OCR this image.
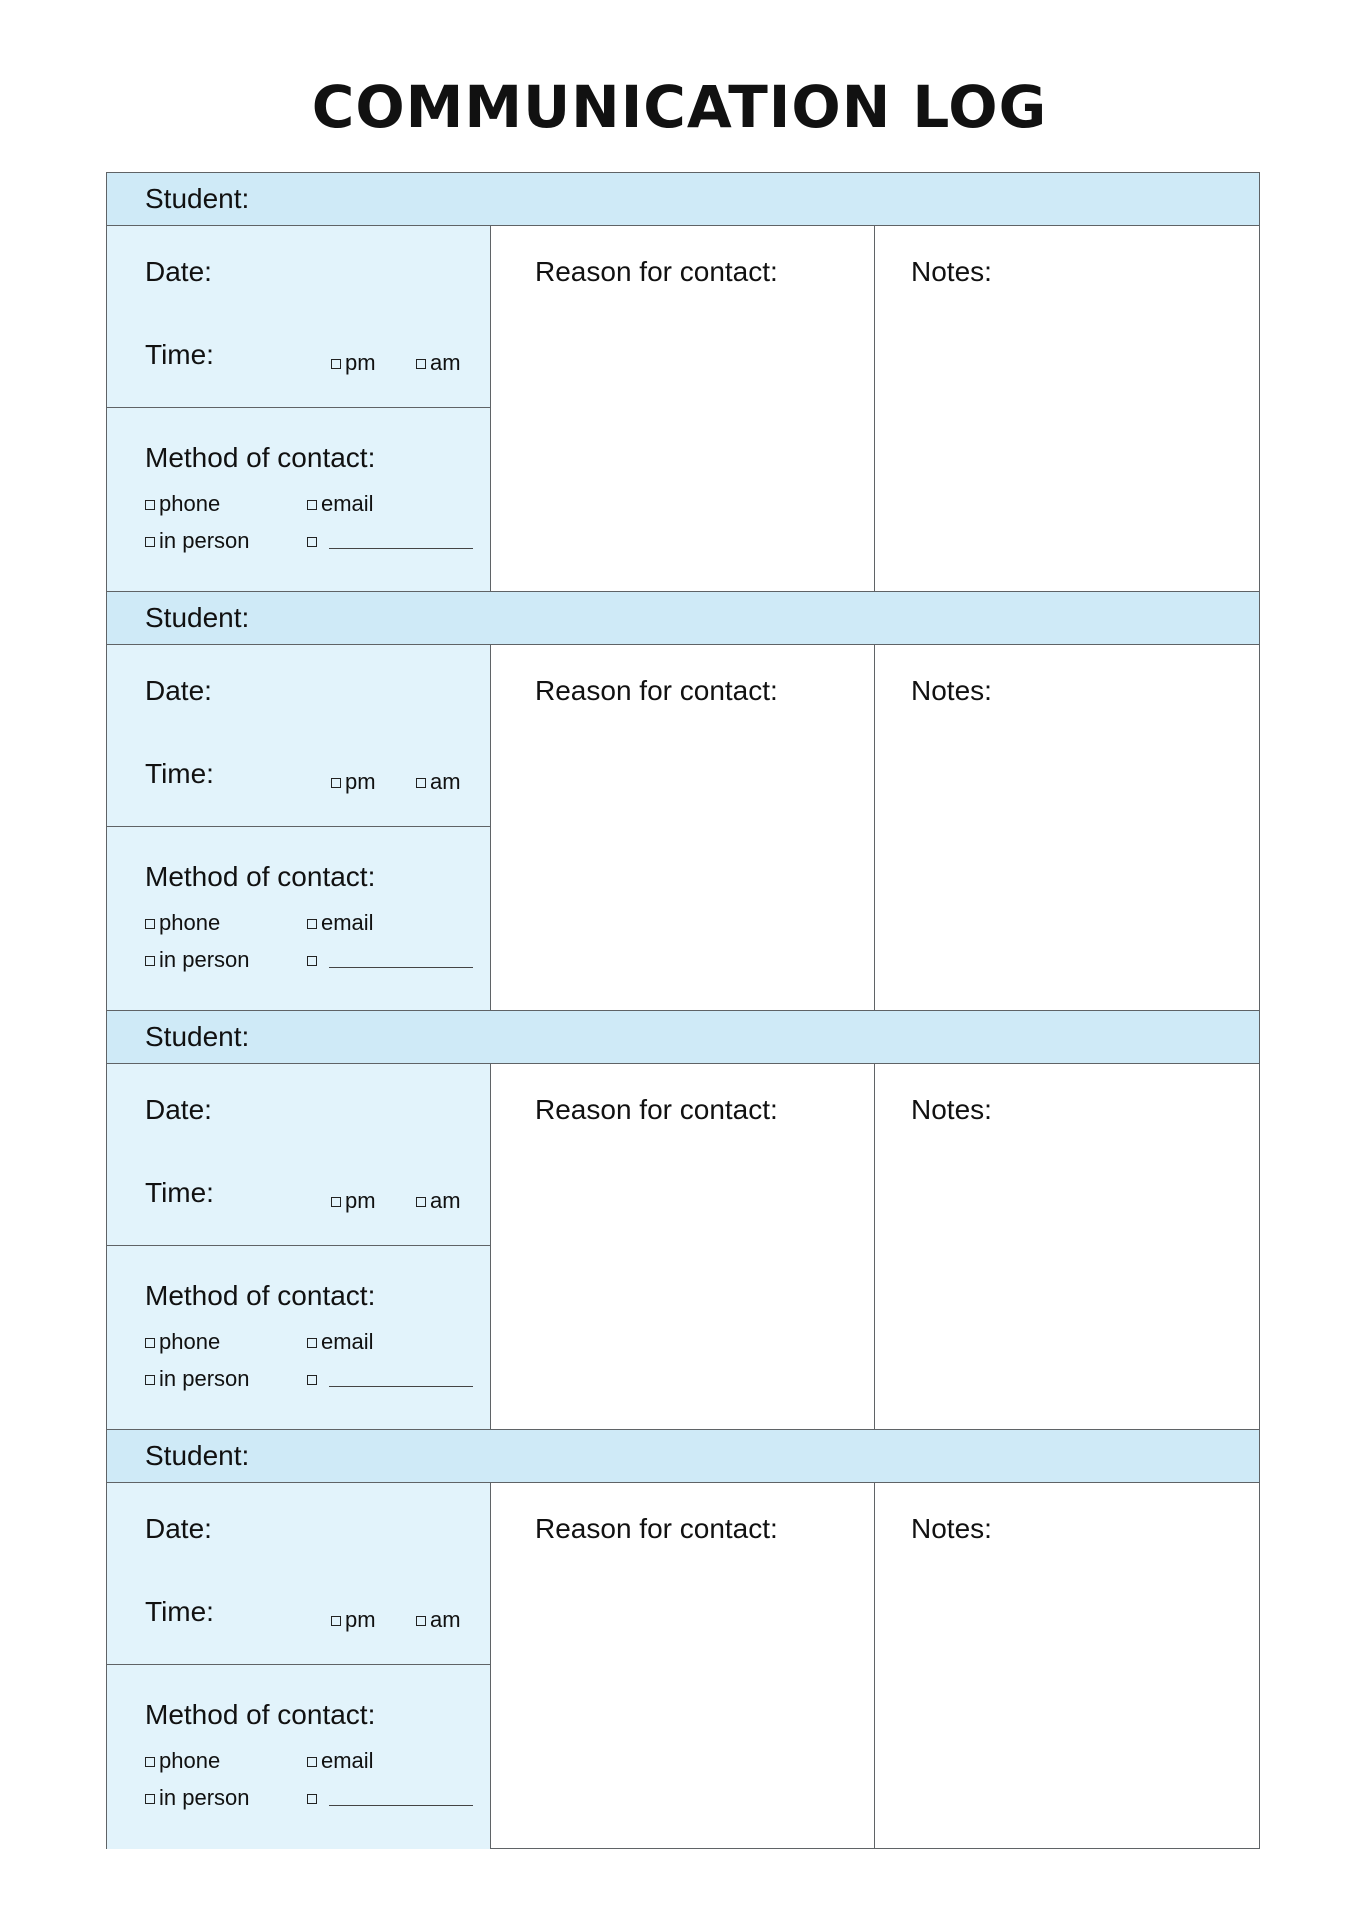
COMMUNICATION LOG
Student:
Date:
Time:	pm	am
Method of contact:
phone	email
in person
Reason for contact:	Notes:
Student:
Date:
Time:	pm	am
Method of contact:
phone	email
in person
Reason for contact:	Notes:
Student:
Date:
Time:	pm	am
Method of contact:
phone	email
in person
Reason for contact:	Notes:
Student:
Date:
Time:	pm	am
Method of contact:
phone	email
in person
Reason for contact:	Notes:
